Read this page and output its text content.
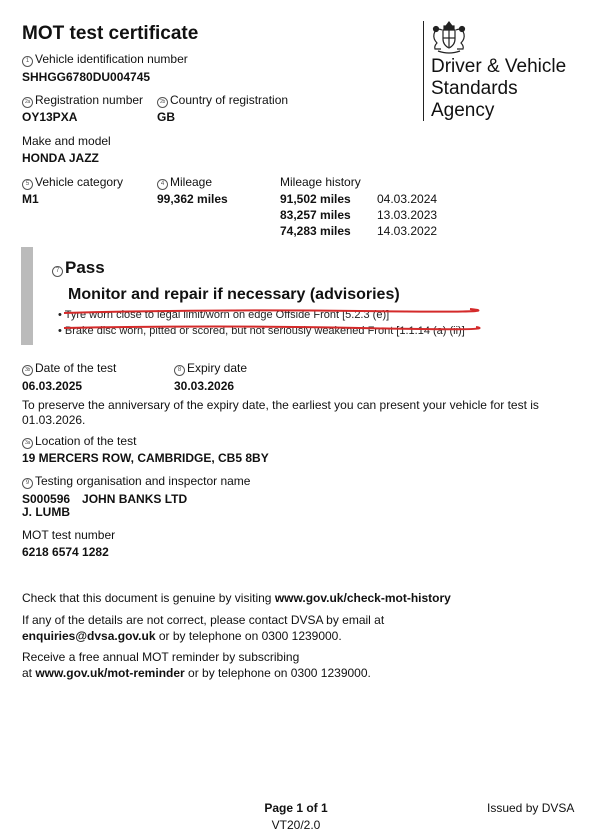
MOT test certificate
Driver & Vehicle
Standards
Agency
1 Vehicle identification number
SHHGG6780DU004745
2a Registration number
OY13PXA
2b Country of registration
GB
Make and model
HONDA JAZZ
5 Vehicle category
M1
4 Mileage
99,362 miles
Mileage history
91,502 miles 04.03.2024
83,257 miles 13.03.2023
74,283 miles 14.03.2022
7 Pass
Monitor and repair if necessary (advisories)
• Tyre worn close to legal limit/worn on edge Offside Front [5.2.3 (e)]
• Brake disc worn, pitted or scored, but not seriously weakened Front [1.1.14 (a) (ii)]
3b Date of the test
06.03.2025
8 Expiry date
30.03.2026
To preserve the anniversary of the expiry date, the earliest you can present your vehicle for test is
01.03.2026.
3a Location of the test
19 MERCERS ROW, CAMBRIDGE, CB5 8BY
9 Testing organisation and inspector name
S000596 JOHN BANKS LTD
J. LUMB
MOT test number
6218 6574 1282
Check that this document is genuine by visiting www.gov.uk/check-mot-history
If any of the details are not correct, please contact DVSA by email at
enquiries@dvsa.gov.uk or by telephone on 0300 1239000.
Receive a free annual MOT reminder by subscribing
at www.gov.uk/mot-reminder or by telephone on 0300 1239000.
Page 1 of 1
VT20/2.0
Issued by DVSA
